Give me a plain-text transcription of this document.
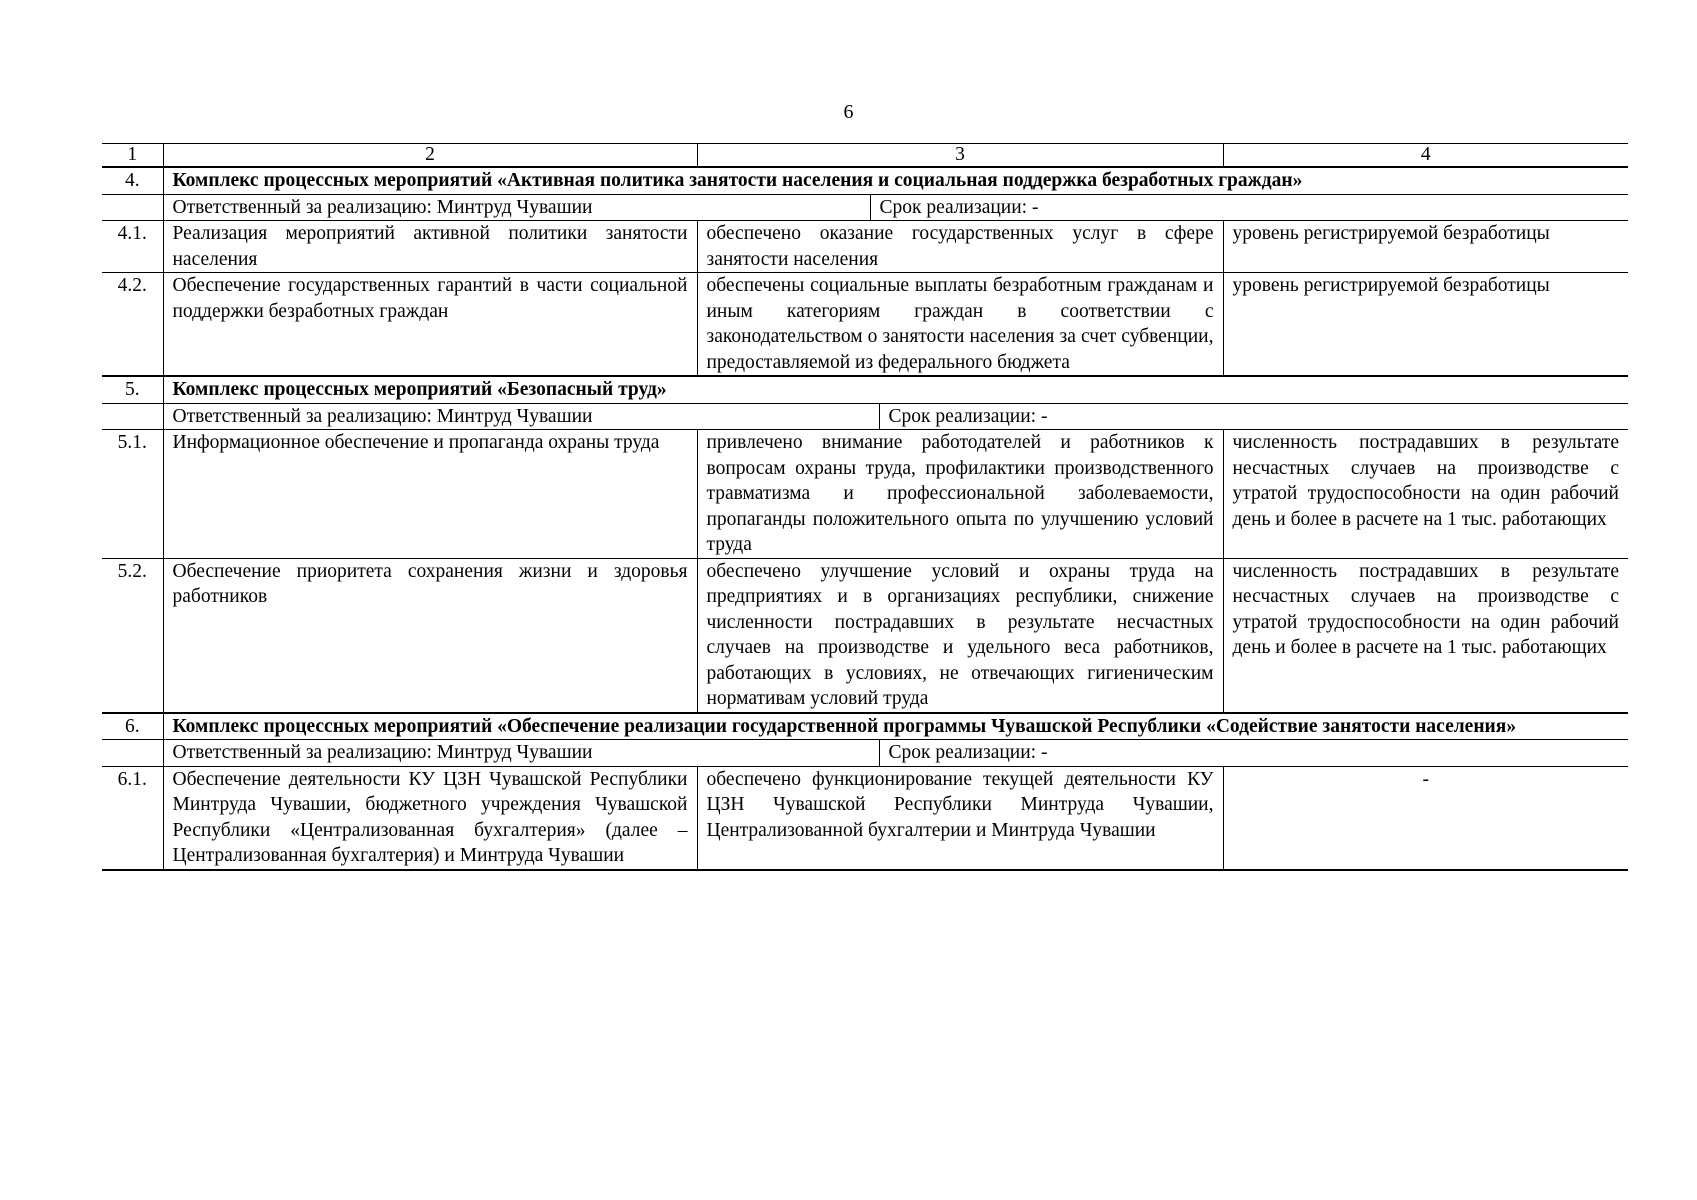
6
1	2	3	4
4.	Комплекс процессных мероприятий «Активная политика занятости населения и социальная поддержка безработных граждан»		

	Ответственный за реализацию: Минтруд Чувашии Срок реализации: -		

4.1.	Реализация мероприятий активной политики занятости населения	обеспечено оказание государственных услуг в сфере занятости населения	уровень регистрируемой безработицы
4.2.	Обеспечение государственных гарантий в части социальной поддержки безработных граждан	обеспечены социальные выплаты безработным гражданам и иным категориям граждан в соответствии с законодательством о занятости населения за счет субвенции, предоставляемой из федерального бюджета	уровень регистрируемой безработицы
5.	Комплекс процессных мероприятий «Безопасный труд»		

	Ответственный за реализацию: Минтруд Чувашии Срок реализации: -		

5.1.	Информационное обеспечение и пропаганда охраны труда	привлечено внимание работодателей и работников к вопросам охраны труда, профилактики производственного травматизма и профессиональной заболеваемости, пропаганды положительного опыта по улучшению условий труда	численность пострадавших в результате несчастных случаев на производстве с утратой трудоспособности на один рабочий день и более в расчете на 1 тыс. работающих
5.2.	Обеспечение приоритета сохранения жизни и здоровья работников	обеспечено улучшение условий и охраны труда на предприятиях и в организациях республики, снижение численности пострадавших в результате несчастных случаев на производстве и удельного веса работников, работающих в условиях, не отвечающих гигиеническим нормативам условий труда	численность пострадавших в результате несчастных случаев на производстве с утратой трудоспособности на один рабочий день и более в расчете на 1 тыс. работающих
6.	Комплекс процессных мероприятий «Обеспечение реализации государственной программы Чувашской Республики «Содействие занятости населения»		

	Ответственный за реализацию: Минтруд Чувашии Срок реализации: -		

6.1.	Обеспечение деятельности КУ ЦЗН Чувашской Республики Минтруда Чувашии, бюджетного учреждения Чувашской Республики «Централизованная бухгалтерия» (далее – Централизованная бухгалтерия) и Минтруда Чувашии	обеспечено функционирование текущей деятельности КУ ЦЗН Чувашской Республики Минтруда Чувашии, Централизованной бухгалтерии и Минтруда Чувашии	-
